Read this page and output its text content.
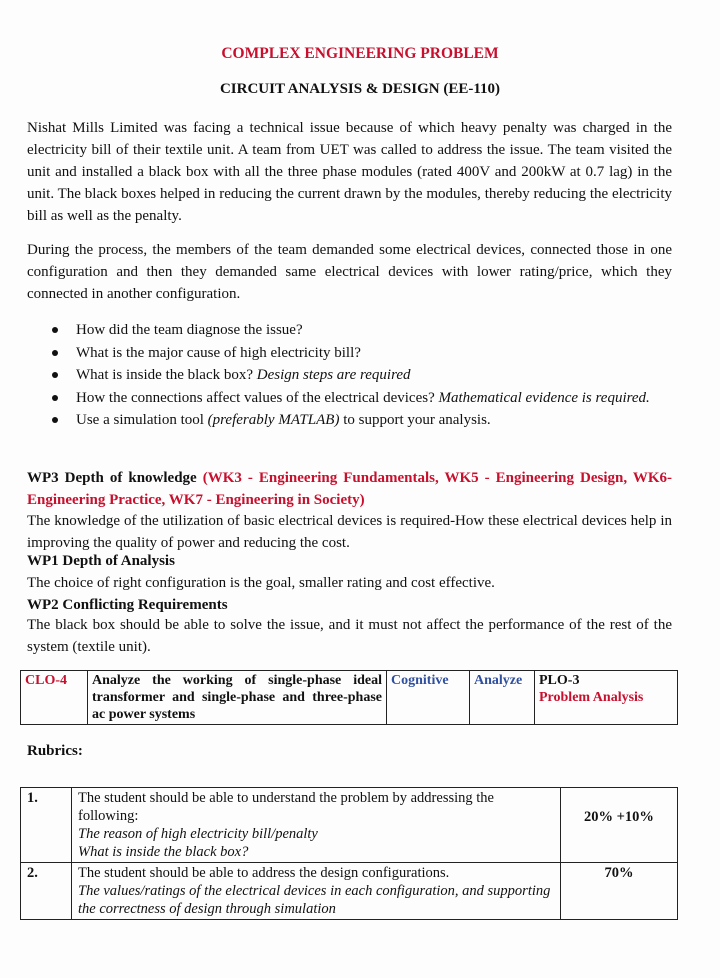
COMPLEX ENGINEERING PROBLEM
CIRCUIT ANALYSIS & DESIGN (EE-110)
Nishat Mills Limited was facing a technical issue because of which heavy penalty was charged in the electricity bill of their textile unit. A team from UET was called to address the issue. The team visited the unit and installed a black box with all the three phase modules (rated 400V and 200kW at 0.7 lag) in the unit. The black boxes helped in reducing the current drawn by the modules, thereby reducing the electricity bill as well as the penalty.
During the process, the members of the team demanded some electrical devices, connected those in one configuration and then they demanded same electrical devices with lower rating/price, which they connected in another configuration.
How did the team diagnose the issue?
What is the major cause of high electricity bill?
What is inside the black box? Design steps are required
How the connections affect values of the electrical devices? Mathematical evidence is required.
Use a simulation tool (preferably MATLAB) to support your analysis.
WP3 Depth of knowledge (WK3 - Engineering Fundamentals, WK5 - Engineering Design, WK6-Engineering Practice, WK7 - Engineering in Society)
The knowledge of the utilization of basic electrical devices is required-How these electrical devices help in improving the quality of power and reducing the cost.
WP1 Depth of Analysis
The choice of right configuration is the goal, smaller rating and cost effective.
WP2 Conflicting Requirements
The black box should be able to solve the issue, and it must not affect the performance of the rest of the system (textile unit).
CLO-4	Analyze the working of single-phase ideal transformer and single-phase and three-phase ac power systems	Cognitive	Analyze	PLO-3
Problem Analysis
Rubrics:
1.	The student should be able to understand the problem by addressing the following:
The reason of high electricity bill/penalty
What is inside the black box?	20% +10%
2.	The student should be able to address the design configurations.
The values/ratings of the electrical devices in each configuration, and supporting the correctness of design through simulation	70%
